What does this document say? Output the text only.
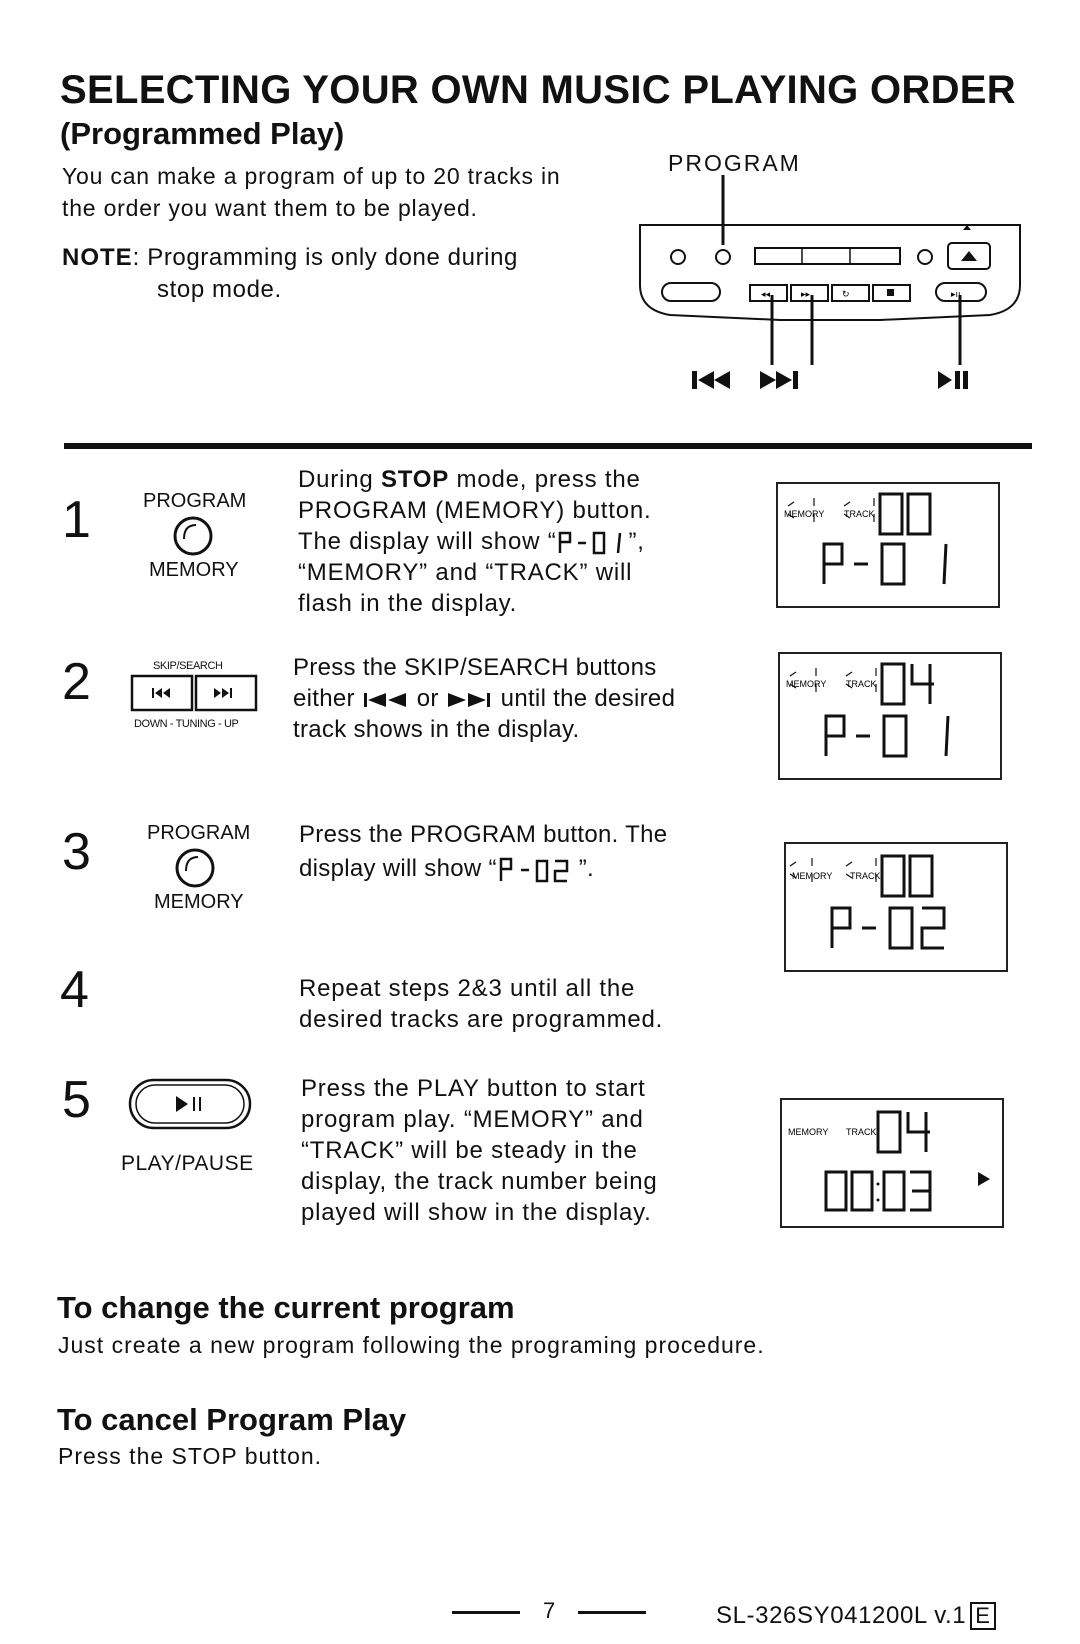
SELECTING YOUR OWN MUSIC PLAYING ORDER
(Programmed Play)
You can make a program of up to 20 tracks in the order you want them to be played.
NOTE: Programming is only done during
stop mode.
PROGRAM
◂◂	▸▸	↻	▸ıı
1	PROGRAM
MEMORY
During STOP mode, press the
PROGRAM (MEMORY) button.
The display will show “	”,
“MEMORY” and “TRACK” will
flash in the display.
MEMORY TRACK
2	SKIP/SEARCH
DOWN - TUNING - UP
Press the SKIP/SEARCH buttons
either  or  until the desired
track shows in the display.
MEMORY TRACK
3	PROGRAM
MEMORY
Press the PROGRAM button. The
display will show “	”.	MEMORY TRACK
4	Repeat steps 2&3 until all the
desired tracks are programmed.
5
PLAY/PAUSE
Press the PLAY button to start
program play. “MEMORY” and
“TRACK” will be steady in the
display, the track number being
played will show in the display.
MEMORY TRACK
To change the current program
Just create a new program following the programing procedure.
To cancel Program Play
Press the STOP button.
7	SL-326SY041200L v.1 E
